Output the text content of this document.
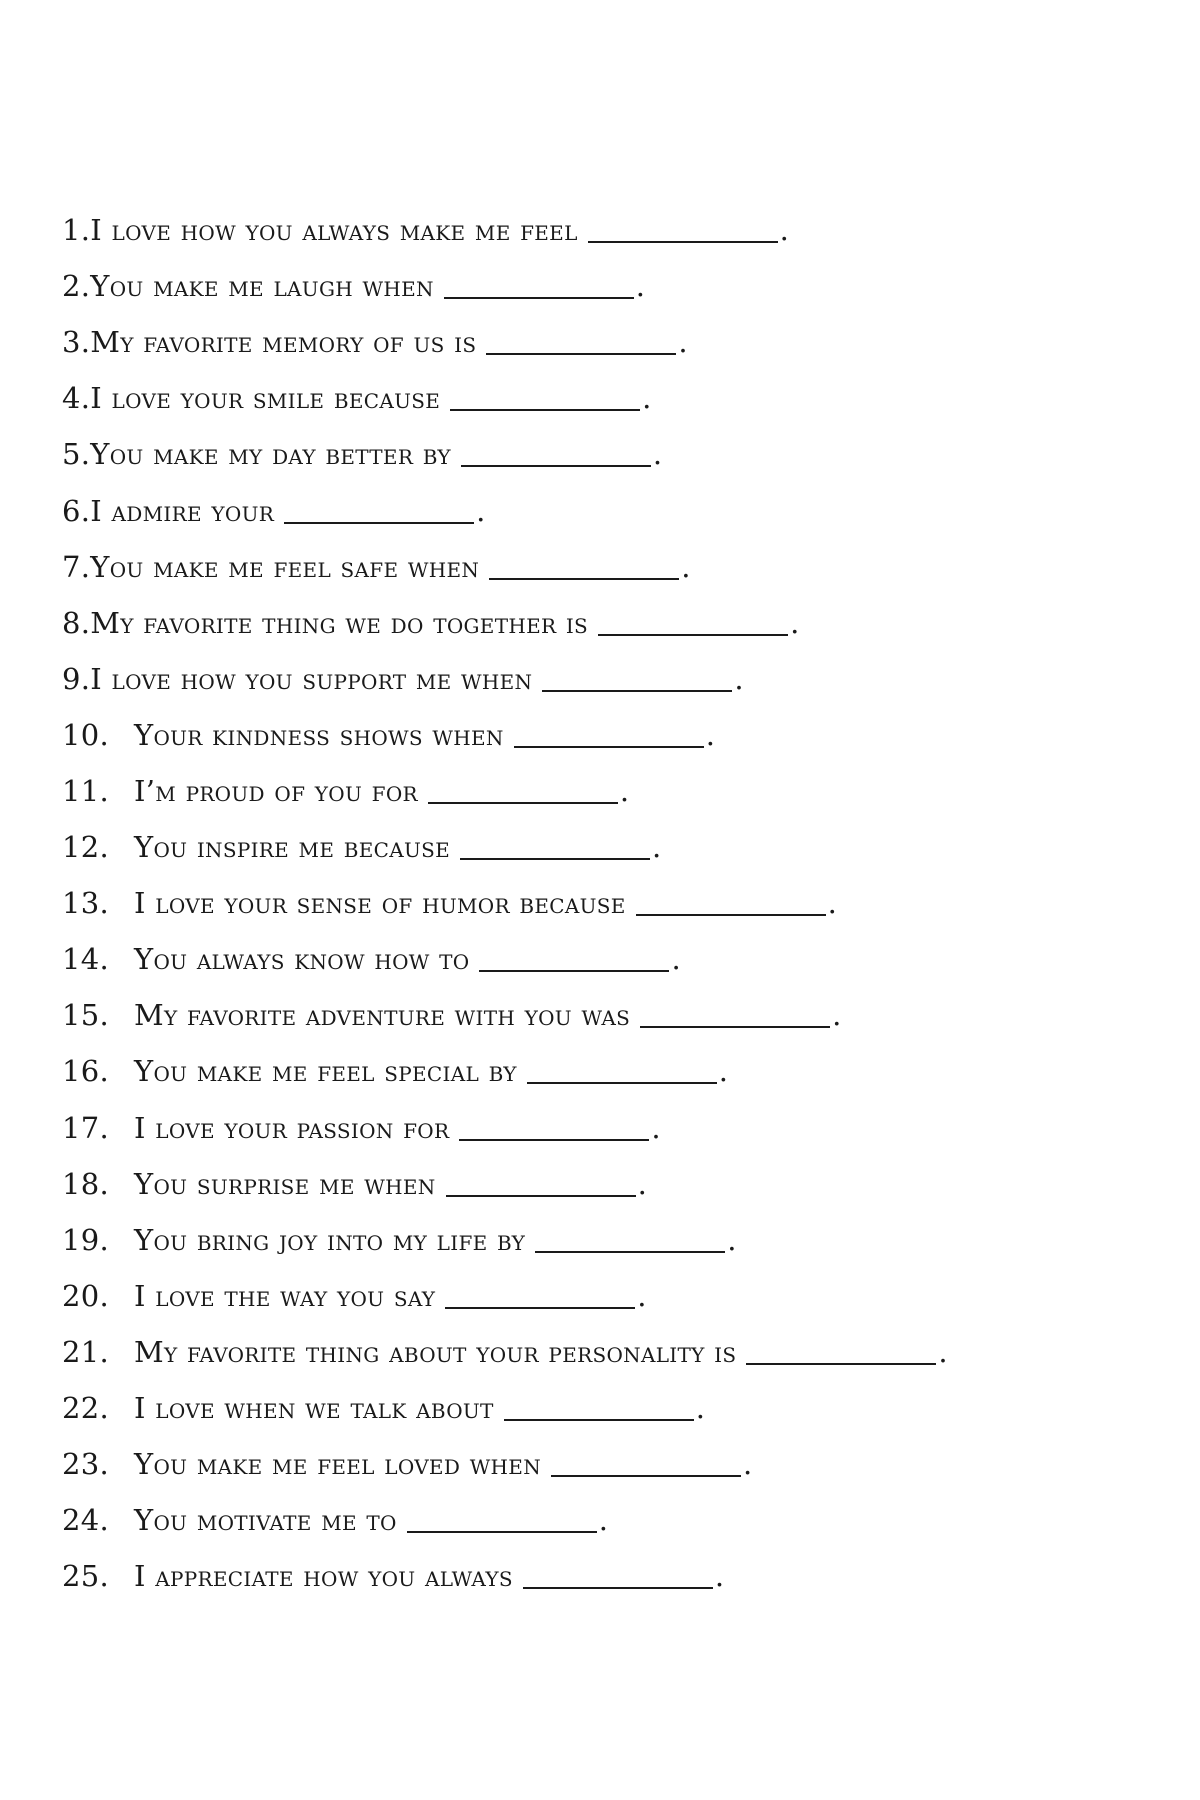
1. I love how you always make me feel	.
2. You make me laugh when	.
3. My favorite memory of us is	.
4. I love your smile because	.
5. You make my day better by	.
6. I admire your	.
7. You make me feel safe when	.
8. My favorite thing we do together is	.
9. I love how you support me when	.
10. Your kindness shows when	.
11. I’m proud of you for	.
12. You inspire me because	.
13. I love your sense of humor because	.
14. You always know how to	.
15. My favorite adventure with you was	.
16. You make me feel special by	.
17. I love your passion for	.
18. You surprise me when	.
19. You bring joy into my life by	.
20. I love the way you say	.
21. My favorite thing about your personality is	.
22. I love when we talk about	.
23. You make me feel loved when	.
24. You motivate me to	.
25. I appreciate how you always	.
